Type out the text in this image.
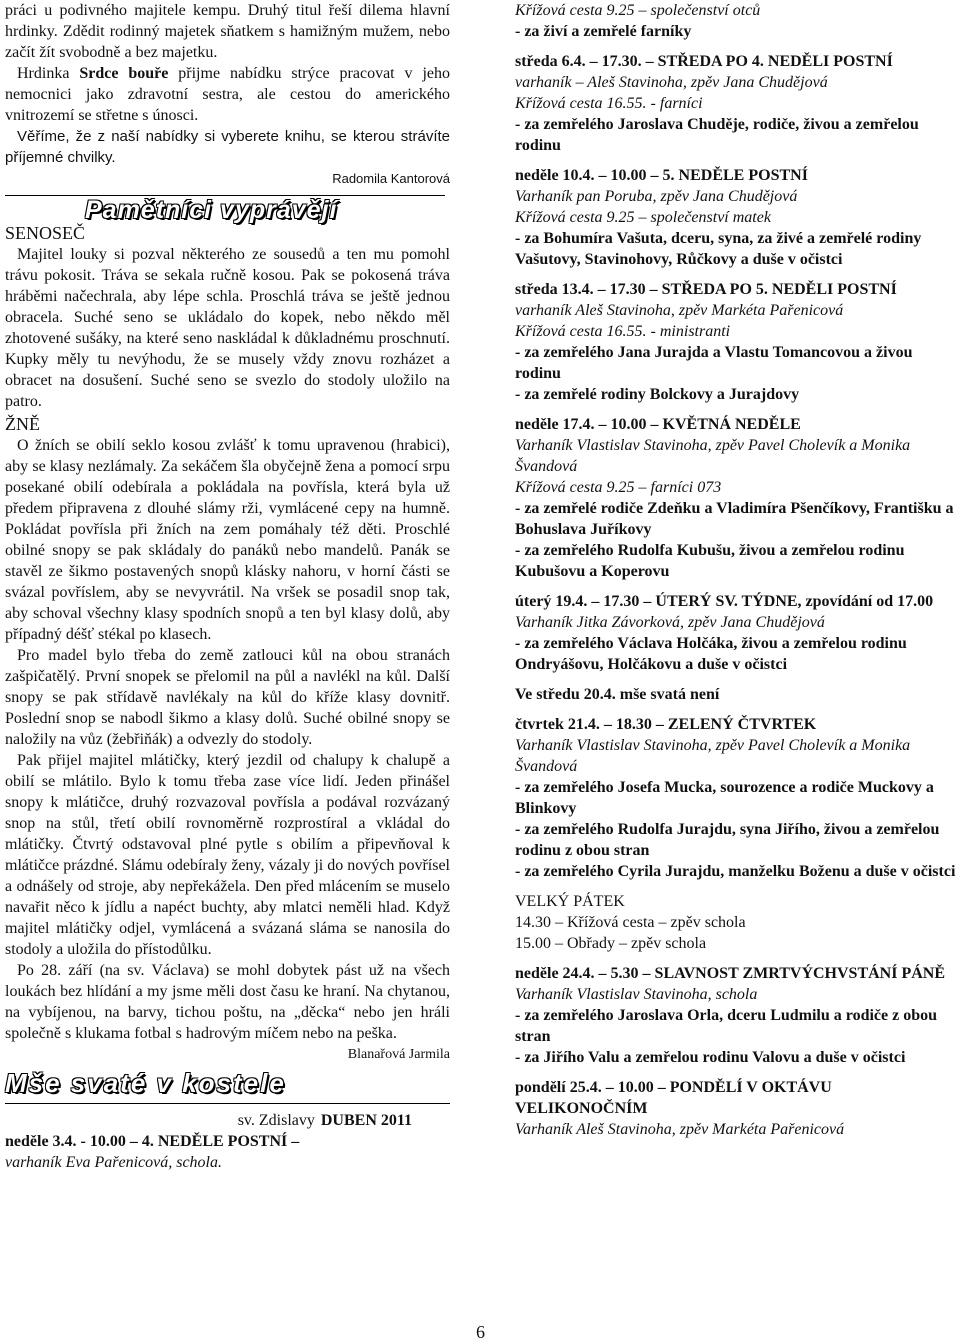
práci u podivného majitele kempu. Druhý titul řeší dilema hlavní hrdinky. Zdědit rodinný majetek sňatkem s hamižným mužem, nebo začít žít svobodně a bez majetku.

Hrdinka Srdce bouře přijme nabídku strýce pracovat v jeho nemocnici jako zdravotní sestra, ale cestou do amerického vnitrozemí se střetne s únosci.

Věříme, že z naší nabídky si vyberete knihu, se kterou strávíte příjemné chvilky.

Radomila Kantorová
Pamětníci vyprávějí
SENOSEČ

Majitel louky si pozval některého ze sousedů a ten mu pomohl trávu pokosit. Tráva se sekala ručně kosou. Pak se pokosená tráva hráběmi načechrala, aby lépe schla. Proschlá tráva se ještě jednou obracela. Suché seno se ukládalo do kopek, nebo někdo měl zhotovené sušáky, na které seno naskládal k důkladnému proschnutí. Kupky měly tu nevýhodu, že se musely vždy znovu rozházet a obracet na dosušení. Suché seno se svezlo do stodoly uložilo na patro.

ŽNĚ

O žních se obilí seklo kosou zvlášť k tomu upravenou (hrabici), aby se klasy nezlámaly. Za sekáčem šla obyčejně žena a pomocí srpu posekané obilí odebírala a pokládala na povřísla, která byla už předem připravena z dlouhé slámy rži, vymlácené cepy na humně. Pokládat povřísla při žních na zem pomáhaly též děti. Proschlé obilné snopy se pak skládaly do panáků nebo mandelů. Panák se stavěl ze šikmo postavených snopů klásky nahoru, v horní části se svázal povříslem, aby se nevyvrátil. Na vršek se posadil snop tak, aby schoval všechny klasy spodních snopů a ten byl klasy dolů, aby případný déšť stékal po klasech.

Pro madel bylo třeba do země zatlouci kůl na obou stranách zašpičatělý. První snopek se přelomil na půl a navlékl na kůl. Další snopy se pak střídavě navlékaly na kůl do kříže klasy dovnitř. Poslední snop se nabodl šikmo a klasy dolů. Suché obilné snopy se naložily na vůz (žebřiňák) a odvezly do stodoly.

Pak přijel majitel mlátičky, který jezdil od chalupy k chalupě a obilí se mlátilo. Bylo k tomu třeba zase více lidí. Jeden přinášel snopy k mlátičce, druhý rozvazoval povřísla a podával rozvázaný snop na stůl, třetí obilí rovnoměrně rozprostíral a vkládal do mlátičky. Čtvrtý odstavoval plné pytle s obilím a připevňoval k mlátičce prázdné. Slámu odebíraly ženy, vázaly ji do nových povřísel a odnášely od stroje, aby nepřekážela. Den před mlácením se muselo navařit něco k jídlu a napéct buchty, aby mlatci neměli hlad. Když majitel mlátičky odjel, vymlácená a svázaná sláma se nanosila do stodoly a uložila do přístodůlku.

Po 28. září (na sv. Václava) se mohl dobytek pást už na všech loukách bez hlídání a my jsme měli dost času ke hraní. Na chytanou, na vybíjenou, na barvy, tichou poštu, na „děcka“ nebo jen hráli společně s klukama fotbal s hadrovým míčem nebo na peška.

Blanařová Jarmila
Mše svaté v kostele
sv. Zdislavy DUBEN 2011
neděle 3.4. - 10.00 – 4. NEDĚLE POSTNÍ –
varhaník Eva Pařenicová, schola.
Křížová cesta 9.25 – společenství otců
- za živí a zemřelé farníky
středa 6.4. – 17.30. – STŘEDA PO 4. NEDĚLI POSTNÍ
varhaník – Aleš Stavinoha, zpěv Jana Chudějová
Křížová cesta 16.55. - farníci
- za zemřelého Jaroslava Chuděje, rodiče, živou a zemřelou rodinu
neděle 10.4. – 10.00 – 5. NEDĚLE POSTNÍ
Varhaník pan Poruba, zpěv Jana Chudějová
Křížová cesta 9.25 – společenství matek
- za Bohumíra Vašuta, dceru, syna, za živé a zemřelé rodiny Vašutovy, Stavinohovy, Růčkovy a duše v očistci
středa 13.4. – 17.30 – STŘEDA PO 5. NEDĚLI POSTNÍ
varhaník Aleš Stavinoha, zpěv Markéta Pařenicová
Křížová cesta 16.55. - ministranti
- za zemřelého Jana Jurajda a Vlastu Tomancovou a živou rodinu
- za zemřelé rodiny Bolckovy a Jurajdovy
neděle 17.4. – 10.00 – KVĚTNÁ NEDĚLE
Varhaník Vlastislav Stavinoha, zpěv Pavel Cholevík a Monika Švandová
Křížová cesta 9.25 – farníci 073
- za zemřelé rodiče Zdeňku a Vladimíra Pšenčíkovy, Františku a Bohuslava Juříkovy
- za zemřelého Rudolfa Kubušu, živou a zemřelou rodinu Kubušovu a Koperovu
úterý 19.4. – 17.30 – ÚTERÝ SV. TÝDNE, zpovídání od 17.00
Varhaník Jitka Závorková, zpěv Jana Chudějová
- za zemřelého Václava Holčáka, živou a zemřelou rodinu Ondryášovu, Holčákovu a duše v očistci
Ve středu 20.4. mše svatá není
čtvrtek 21.4. – 18.30 – ZELENÝ ČTVRTEK
Varhaník Vlastislav Stavinoha, zpěv Pavel Cholevík a Monika Švandová
- za zemřelého Josefa Mucka, sourozence a rodiče Muckovy a Blinkovy
- za zemřelého Rudolfa Jurajdu, syna Jiřího, živou a zemřelou rodinu z obou stran
- za zemřelého Cyrila Jurajdu, manželku Boženu a duše v očistci
VELKÝ PÁTEK
14.30 – Křížová cesta – zpěv schola
15.00 – Obřady – zpěv schola
neděle 24.4. – 5.30 – SLAVNOST ZMRTVÝCHVSTÁNÍ PÁNĚ
Varhaník Vlastislav Stavinoha, schola
- za zemřelého Jaroslava Orla, dceru Ludmilu a rodiče z obou stran
- za Jiřího Valu a zemřelou rodinu Valovu a duše v očistci
pondělí 25.4. – 10.00 – PONDĚLÍ V OKTÁVU VELIKONOČNÍM
Varhaník Aleš Stavinoha, zpěv Markéta Pařenicová
6
